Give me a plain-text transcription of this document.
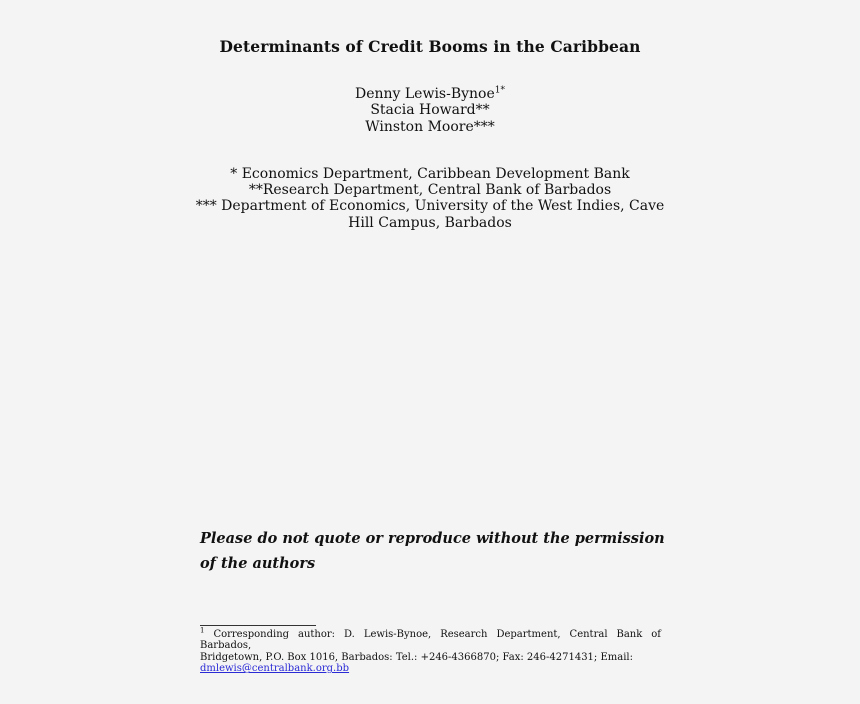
Determinants of Credit Booms in the Caribbean
Denny Lewis-Bynoe$^{1*}$
Stacia Howard**
Winston Moore***
* Economics Department, Caribbean Development Bank
**Research Department, Central Bank of Barbados
*** Department of Economics, University of the West Indies, Cave
Hill Campus, Barbados
Please do not quote or reproduce without the permission
of the authors
$^1$ Corresponding author: D. Lewis-Bynoe, Research Department, Central Bank of Barbados,
Bridgetown, P.O. Box 1016, Barbados: Tel.: +246-4366870; Fax: 246-4271431; Email:
dmlewis@centralbank.org.bb
